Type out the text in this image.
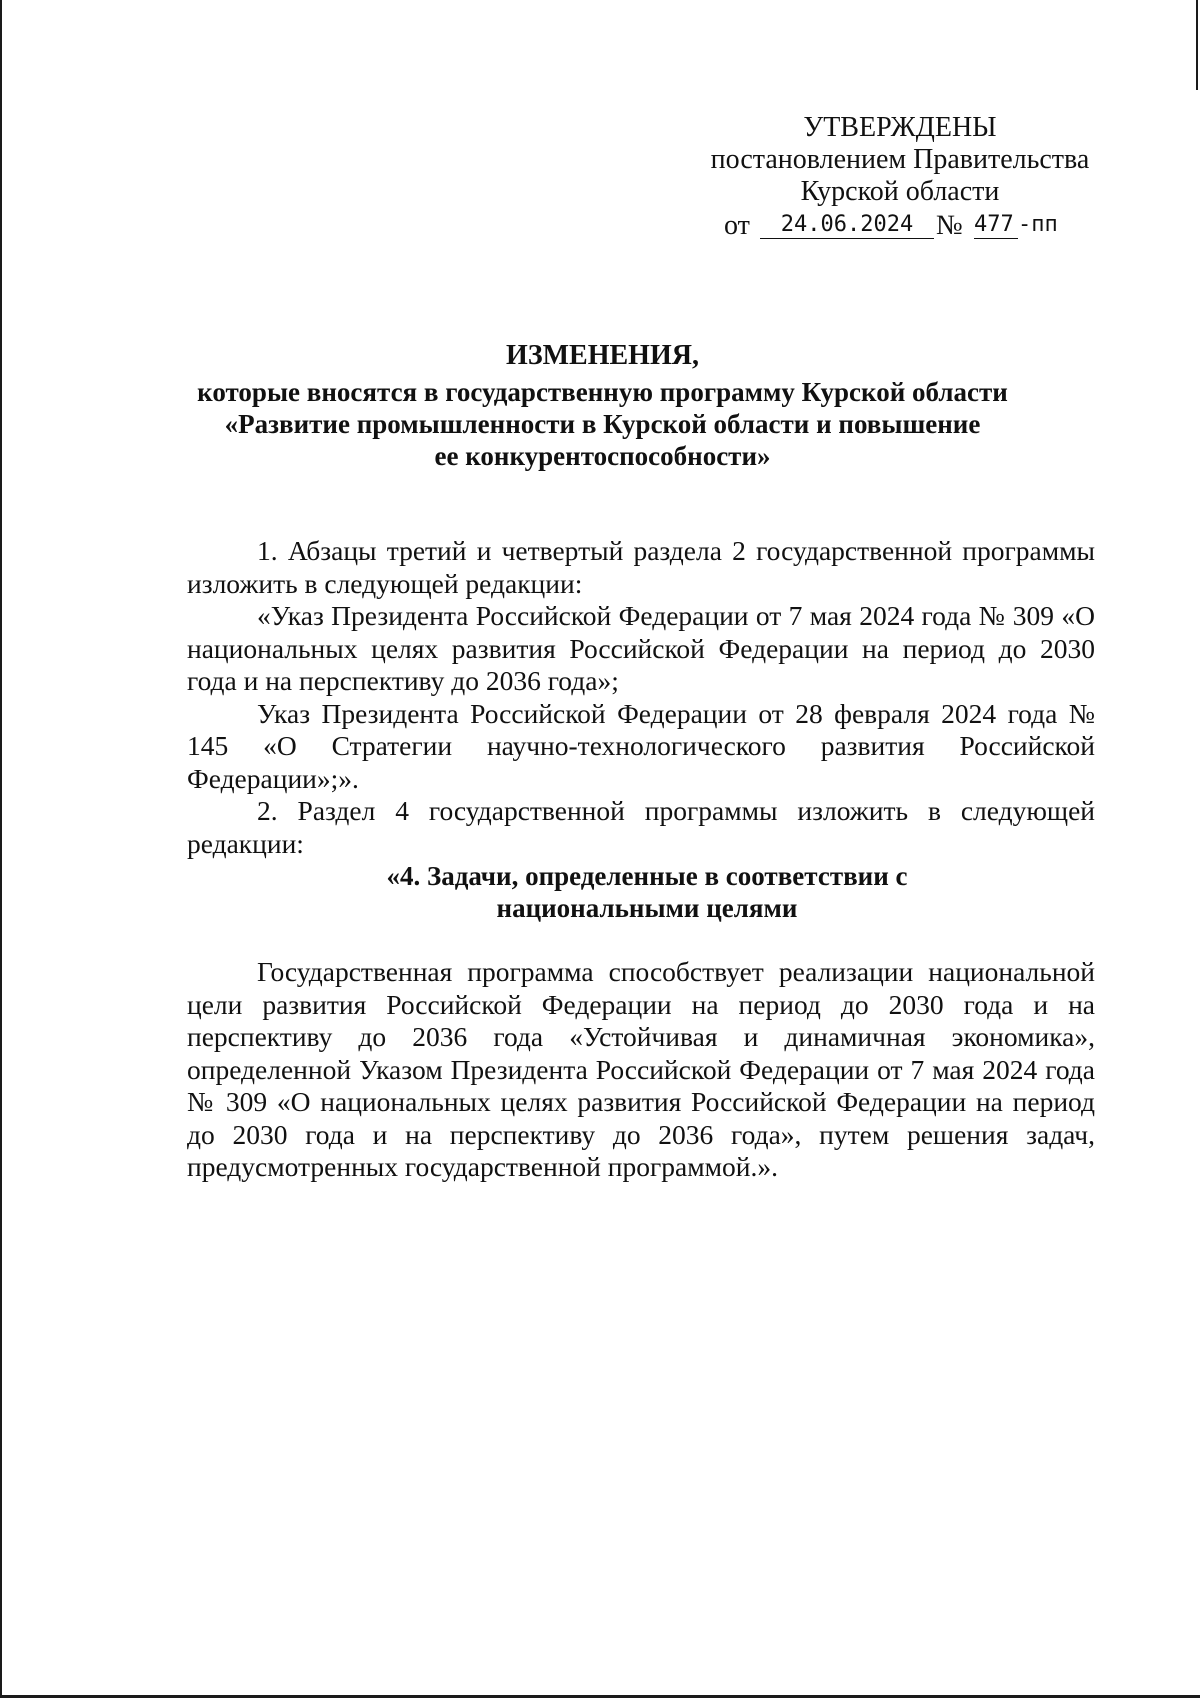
УТВЕРЖДЕНЫ
постановлением Правительства
Курской области
от	24.06.2024 № 477 -пп
ИЗМЕНЕНИЯ,
которые вносятся в государственную программу Курской области
«Развитие промышленности в Курской области и повышение
ее конкурентоспособности»

1. Абзацы третий и четвертый раздела 2 государственной программы изложить в следующей редакции:

«Указ Президента Российской Федерации от 7 мая 2024 года № 309 «О национальных целях развития Российской Федерации на период до 2030 года и на перспективу до 2036 года»;

Указ Президента Российской Федерации от 28 февраля 2024 года № 145 «О Стратегии научно-технологического развития Российской Федерации»;».

2. Раздел 4 государственной программы изложить в следующей редакции:

«4. Задачи, определенные в соответствии с
национальными целями

Государственная программа способствует реализации национальной цели развития Российской Федерации на период до 2030 года и на перспективу до 2036 года «Устойчивая и динамичная экономика», определенной Указом Президента Российской Федерации от 7 мая 2024 года № 309 «О национальных целях развития Российской Федерации на период до 2030 года и на перспективу до 2036 года», путем решения задач, предусмотренных государственной программой.».
